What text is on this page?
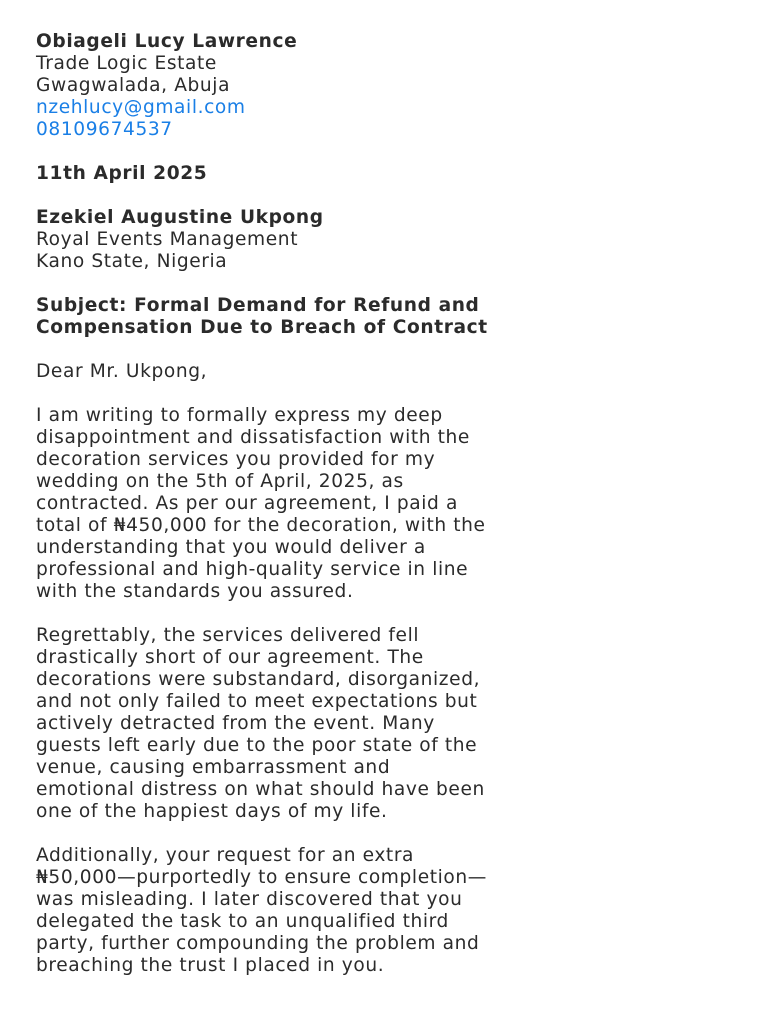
Obiageli Lucy Lawrence
Trade Logic Estate
Gwagwalada, Abuja
nzehlucy@gmail.com
08109674537
11th April 2025
Ezekiel Augustine Ukpong
Royal Events Management
Kano State, Nigeria
Subject: Formal Demand for Refund and
Compensation Due to Breach of Contract
Dear Mr. Ukpong,
I am writing to formally express my deep
disappointment and dissatisfaction with the
decoration services you provided for my
wedding on the 5th of April, 2025, as
contracted. As per our agreement, I paid a
total of ₦450,000 for the decoration, with the
understanding that you would deliver a
professional and high-quality service in line
with the standards you assured.
Regrettably, the services delivered fell
drastically short of our agreement. The
decorations were substandard, disorganized,
and not only failed to meet expectations but
actively detracted from the event. Many
guests left early due to the poor state of the
venue, causing embarrassment and
emotional distress on what should have been
one of the happiest days of my life.
Additionally, your request for an extra
₦50,000—purportedly to ensure completion—
was misleading. I later discovered that you
delegated the task to an unqualified third
party, further compounding the problem and
breaching the trust I placed in you.
